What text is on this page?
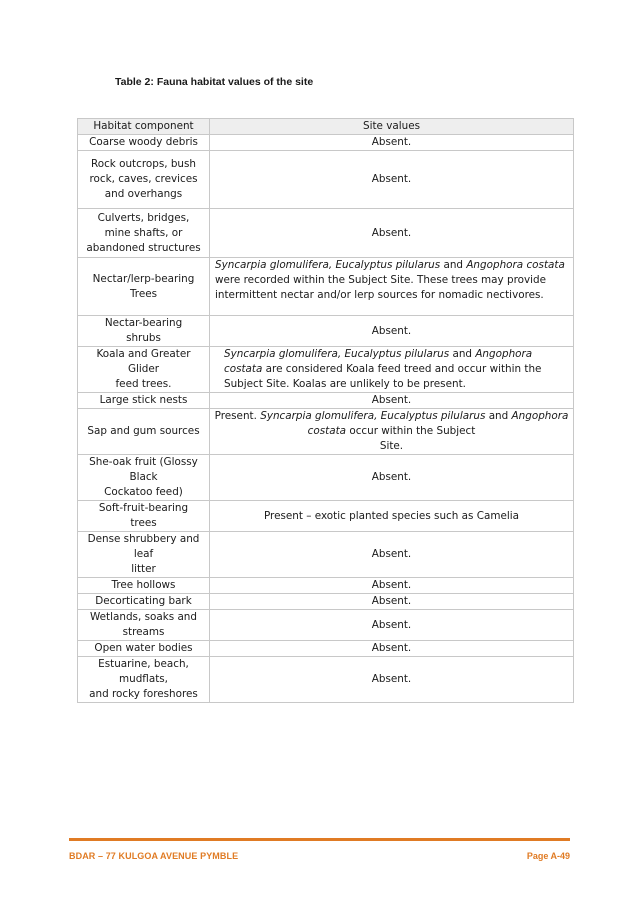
Table 2: Fauna habitat values of the site
Habitat component	Site values
Coarse woody debris	Absent.
Rock outcrops, bush
rock, caves, crevices
and overhangs	Absent.
Culverts, bridges,
mine shafts, or
abandoned structures	Absent.
Nectar/lerp-bearing
Trees	Syncarpia glomulifera, Eucalyptus pilularus and Angophora costata were recorded within the Subject Site. These trees may provide intermittent nectar and/or lerp sources for nomadic nectivores.
Nectar-bearing
shrubs	Absent.
Koala and Greater
Glider
feed trees.	Syncarpia glomulifera, Eucalyptus pilularus and Angophora costata are considered Koala feed treed and occur within the Subject Site. Koalas are unlikely to be present.
Large stick nests	Absent.
Sap and gum sources	Present. Syncarpia glomulifera, Eucalyptus pilularus and Angophora costata occur within the Subject
Site.
She-oak fruit (Glossy
Black
Cockatoo feed)	Absent.
Soft-fruit-bearing
trees	Present – exotic planted species such as Camelia
Dense shrubbery and
leaf
litter	Absent.
Tree hollows	Absent.
Decorticating bark	Absent.
Wetlands, soaks and
streams	Absent.
Open water bodies	Absent.
Estuarine, beach,
mudflats,
and rocky foreshores	Absent.
BDAR – 77 KULGOA AVENUE PYMBLE	Page A-49
